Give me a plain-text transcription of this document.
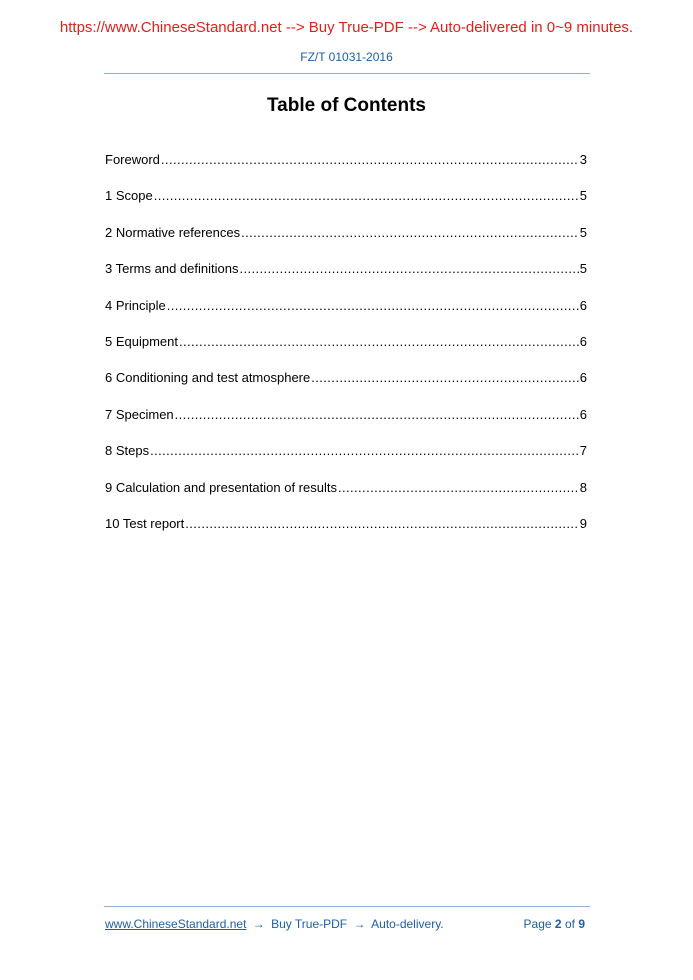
https://www.ChineseStandard.net --> Buy True-PDF --> Auto-delivered in 0~9 minutes.
FZ/T 01031-2016
Table of Contents
Foreword .....	3
1 Scope .....	5
2 Normative references .....	5
3 Terms and definitions .....	5
4 Principle .....	6
5 Equipment .....	6
6 Conditioning and test atmosphere .....	6
7 Specimen .....	6
8 Steps .....	7
9 Calculation and presentation of results .....	8
10 Test report .....	9
www.ChineseStandard.net → Buy True-PDF → Auto-delivery.	Page 2 of 9
